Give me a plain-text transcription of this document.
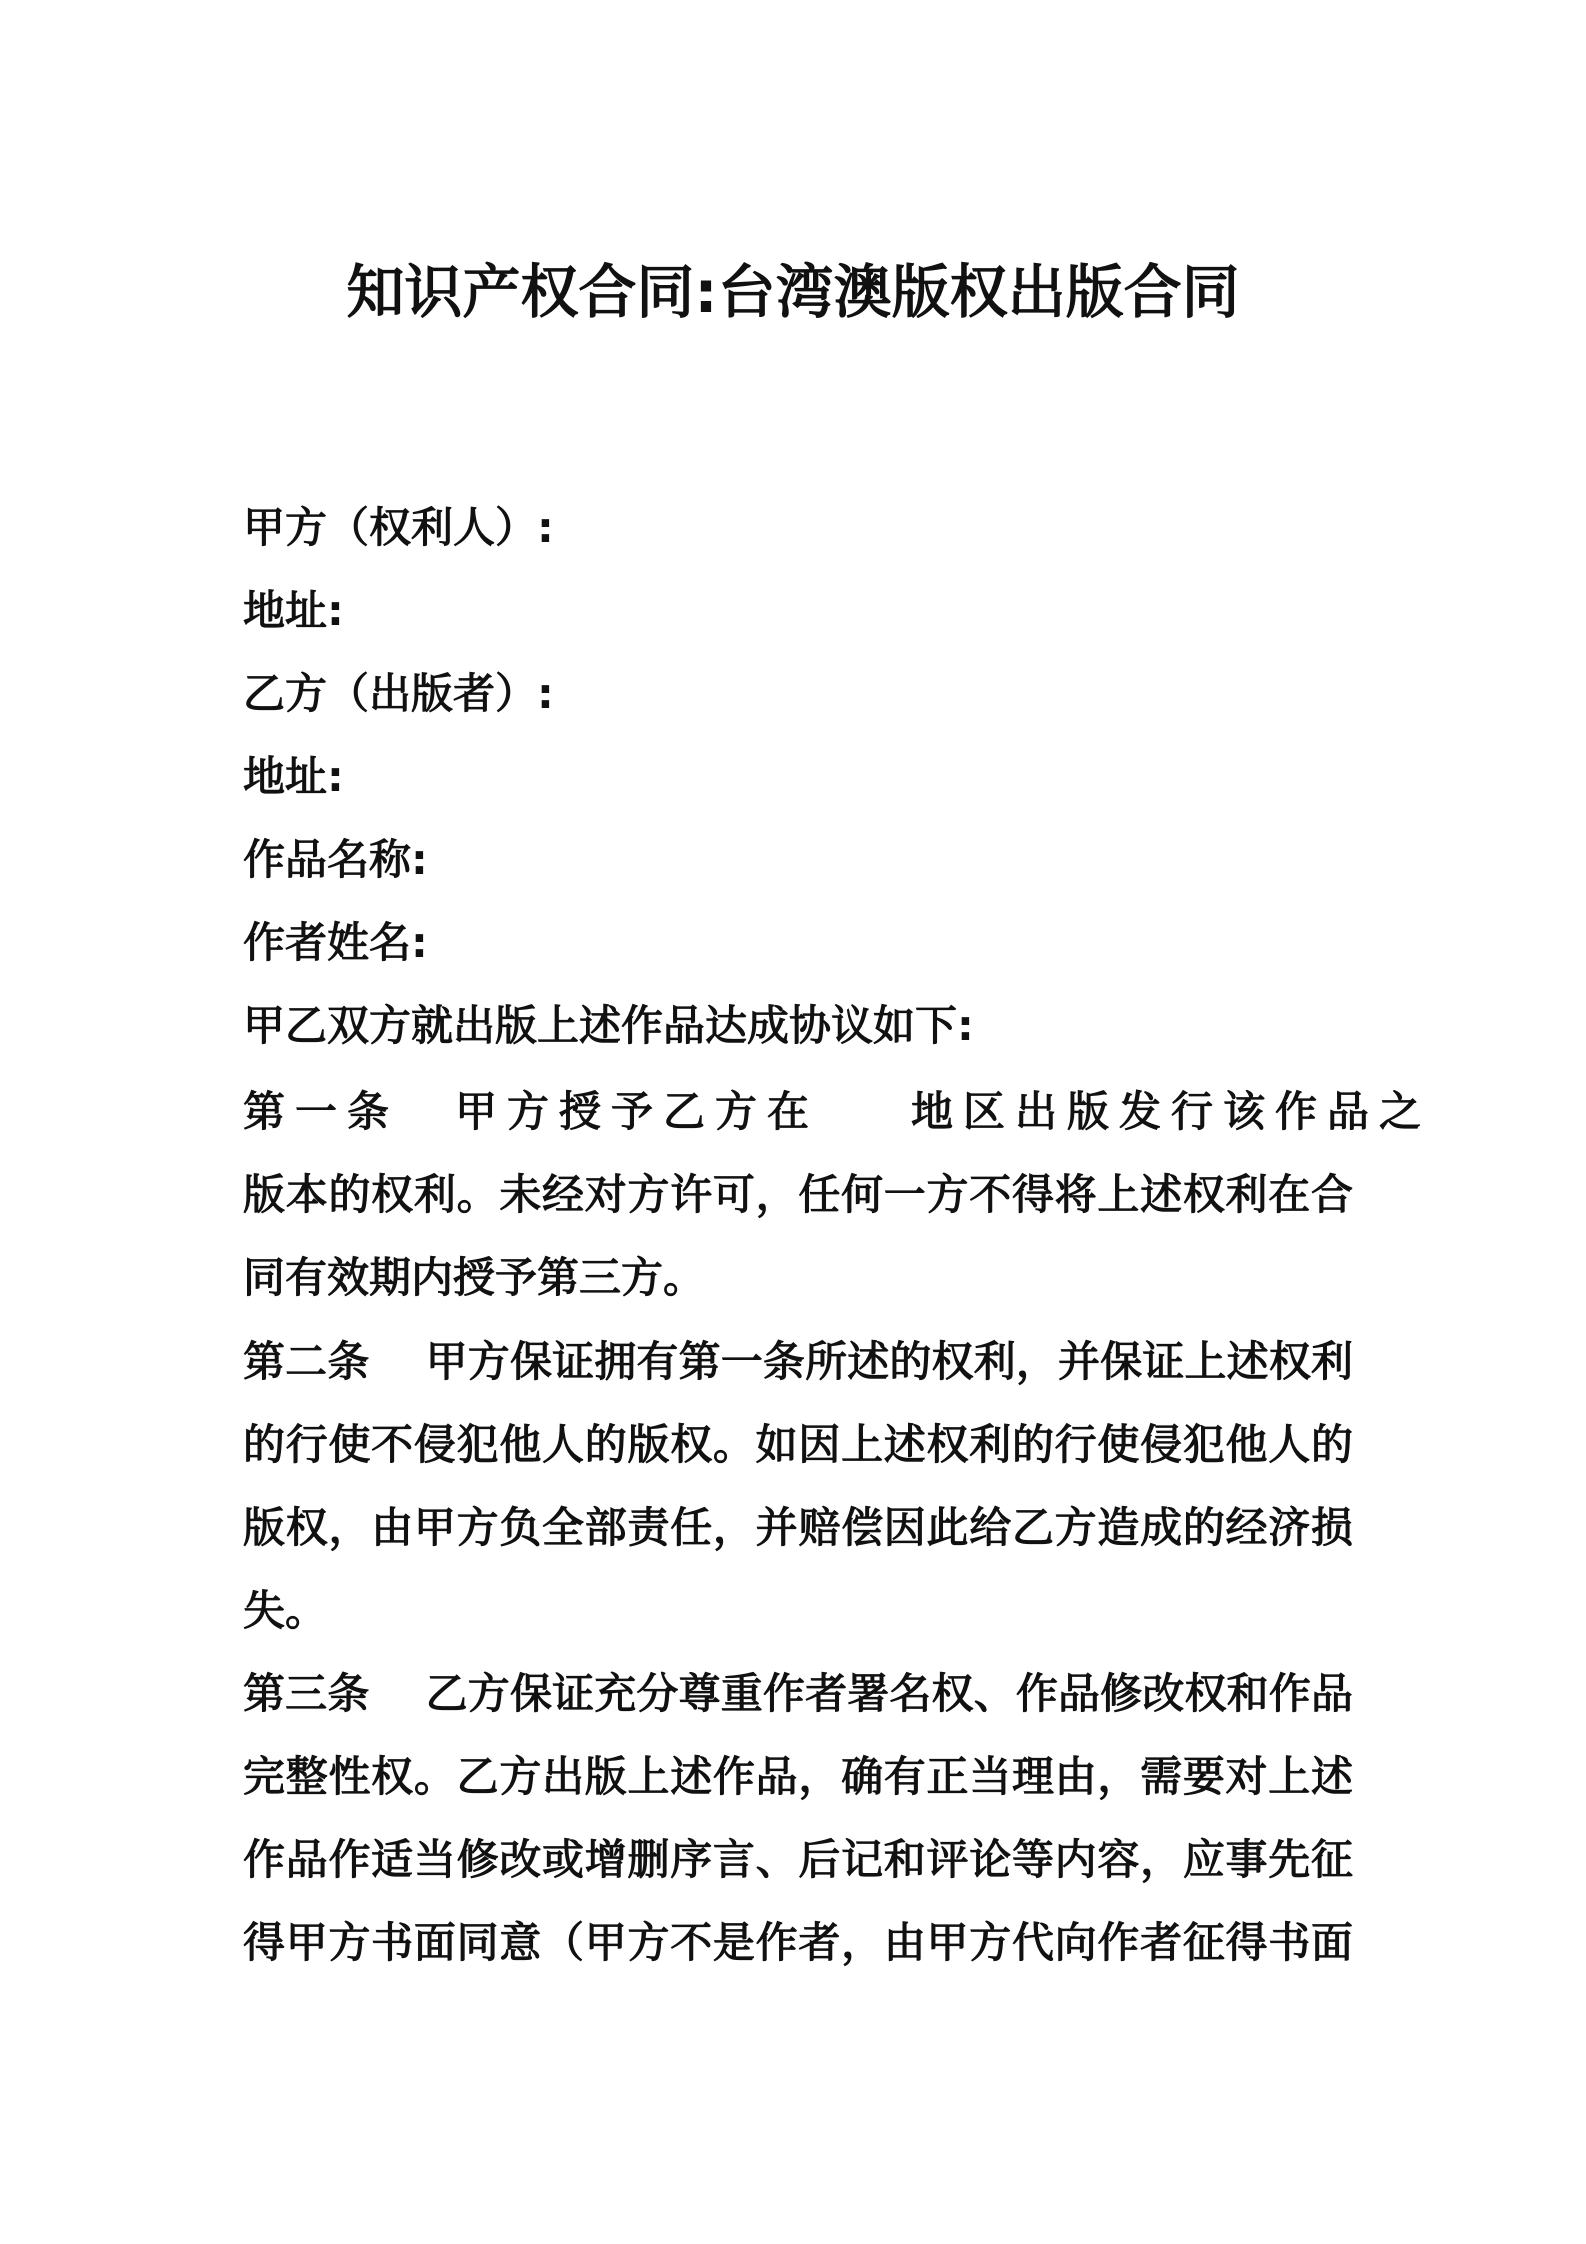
知识产权合同:台湾澳版权出版合同
甲方（权利人）:
地址:
乙方（出版者）:
地址:
作品名称:
作者姓名:
甲乙双方就出版上述作品达成协议如下:
第一条 甲方授予乙方在 地区出版发行该作品之
版本的权利。未经对方许可，任何一方不得将上述权利在合
同有效期内授予第三方。
第二条 甲方保证拥有第一条所述的权利，并保证上述权利
的行使不侵犯他人的版权。如因上述权利的行使侵犯他人的
版权，由甲方负全部责任，并赔偿因此给乙方造成的经济损
失。
第三条 乙方保证充分尊重作者署名权、作品修改权和作品
完整性权。乙方出版上述作品，确有正当理由，需要对上述
作品作适当修改或增删序言、后记和评论等内容，应事先征
得甲方书面同意（甲方不是作者，由甲方代向作者征得书面
